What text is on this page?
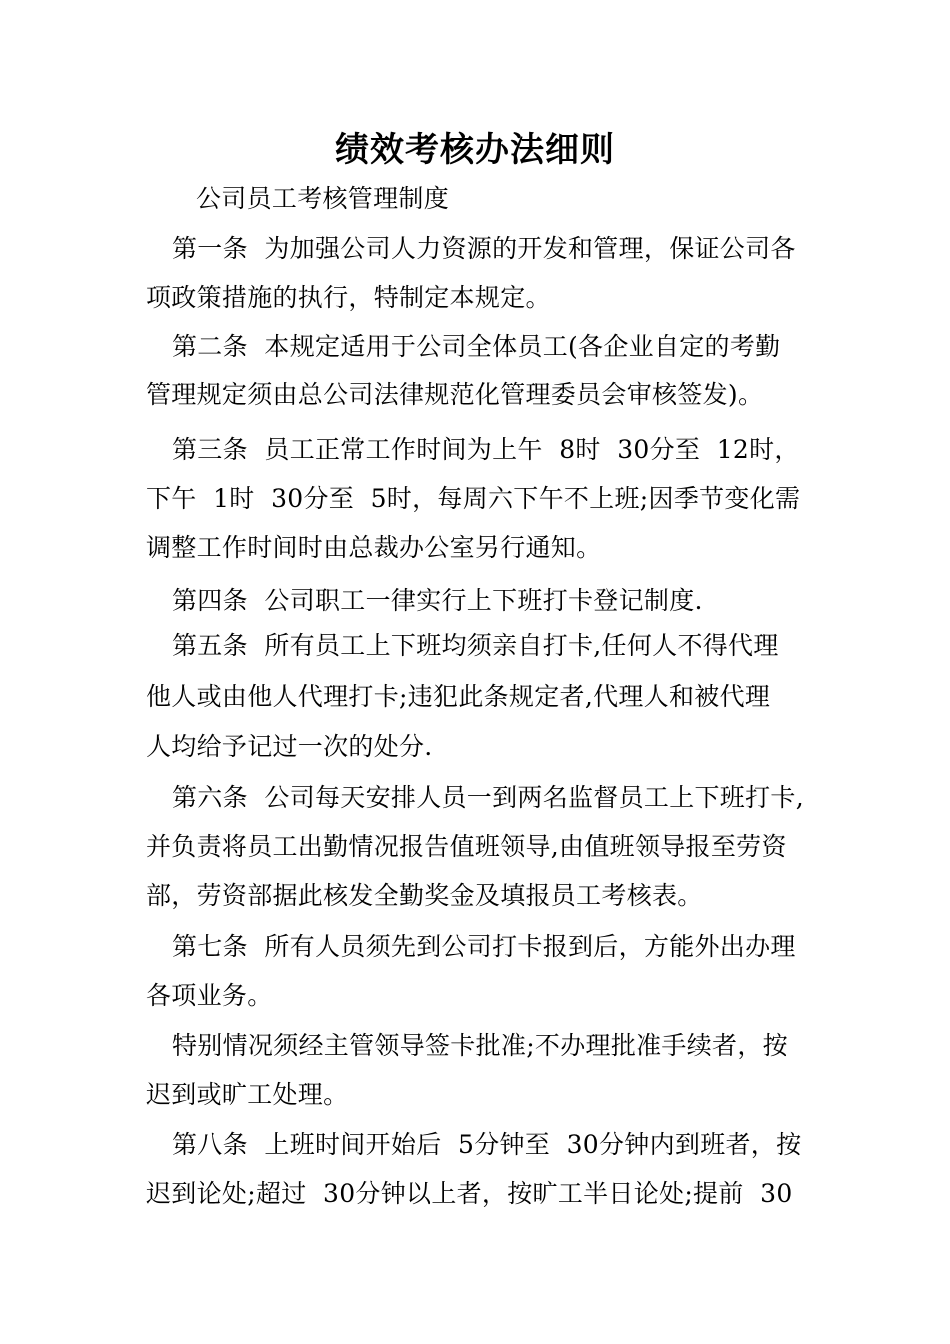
绩效考核办法细则
公司员工考核管理制度
第一条  为加强公司人力资源的开发和管理，保证公司各
项政策措施的执行，特制定本规定。
第二条  本规定适用于公司全体员工(各企业自定的考勤
管理规定须由总公司法律规范化管理委员会审核签发)。
第三条  员工正常工作时间为上午  8时  30分至  12时，
下午  1时  30分至  5时，每周六下午不上班;因季节变化需
调整工作时间时由总裁办公室另行通知。
第四条  公司职工一律实行上下班打卡登记制度.
第五条  所有员工上下班均须亲自打卡,任何人不得代理
他人或由他人代理打卡;违犯此条规定者,代理人和被代理
人均给予记过一次的处分.
第六条  公司每天安排人员一到两名监督员工上下班打卡,
并负责将员工出勤情况报告值班领导,由值班领导报至劳资
部，劳资部据此核发全勤奖金及填报员工考核表。
第七条  所有人员须先到公司打卡报到后，方能外出办理
各项业务。
特别情况须经主管领导签卡批准;不办理批准手续者，按
迟到或旷工处理。
第八条  上班时间开始后  5分钟至  30分钟内到班者，按
迟到论处;超过  30分钟以上者，按旷工半日论处;提前  30
